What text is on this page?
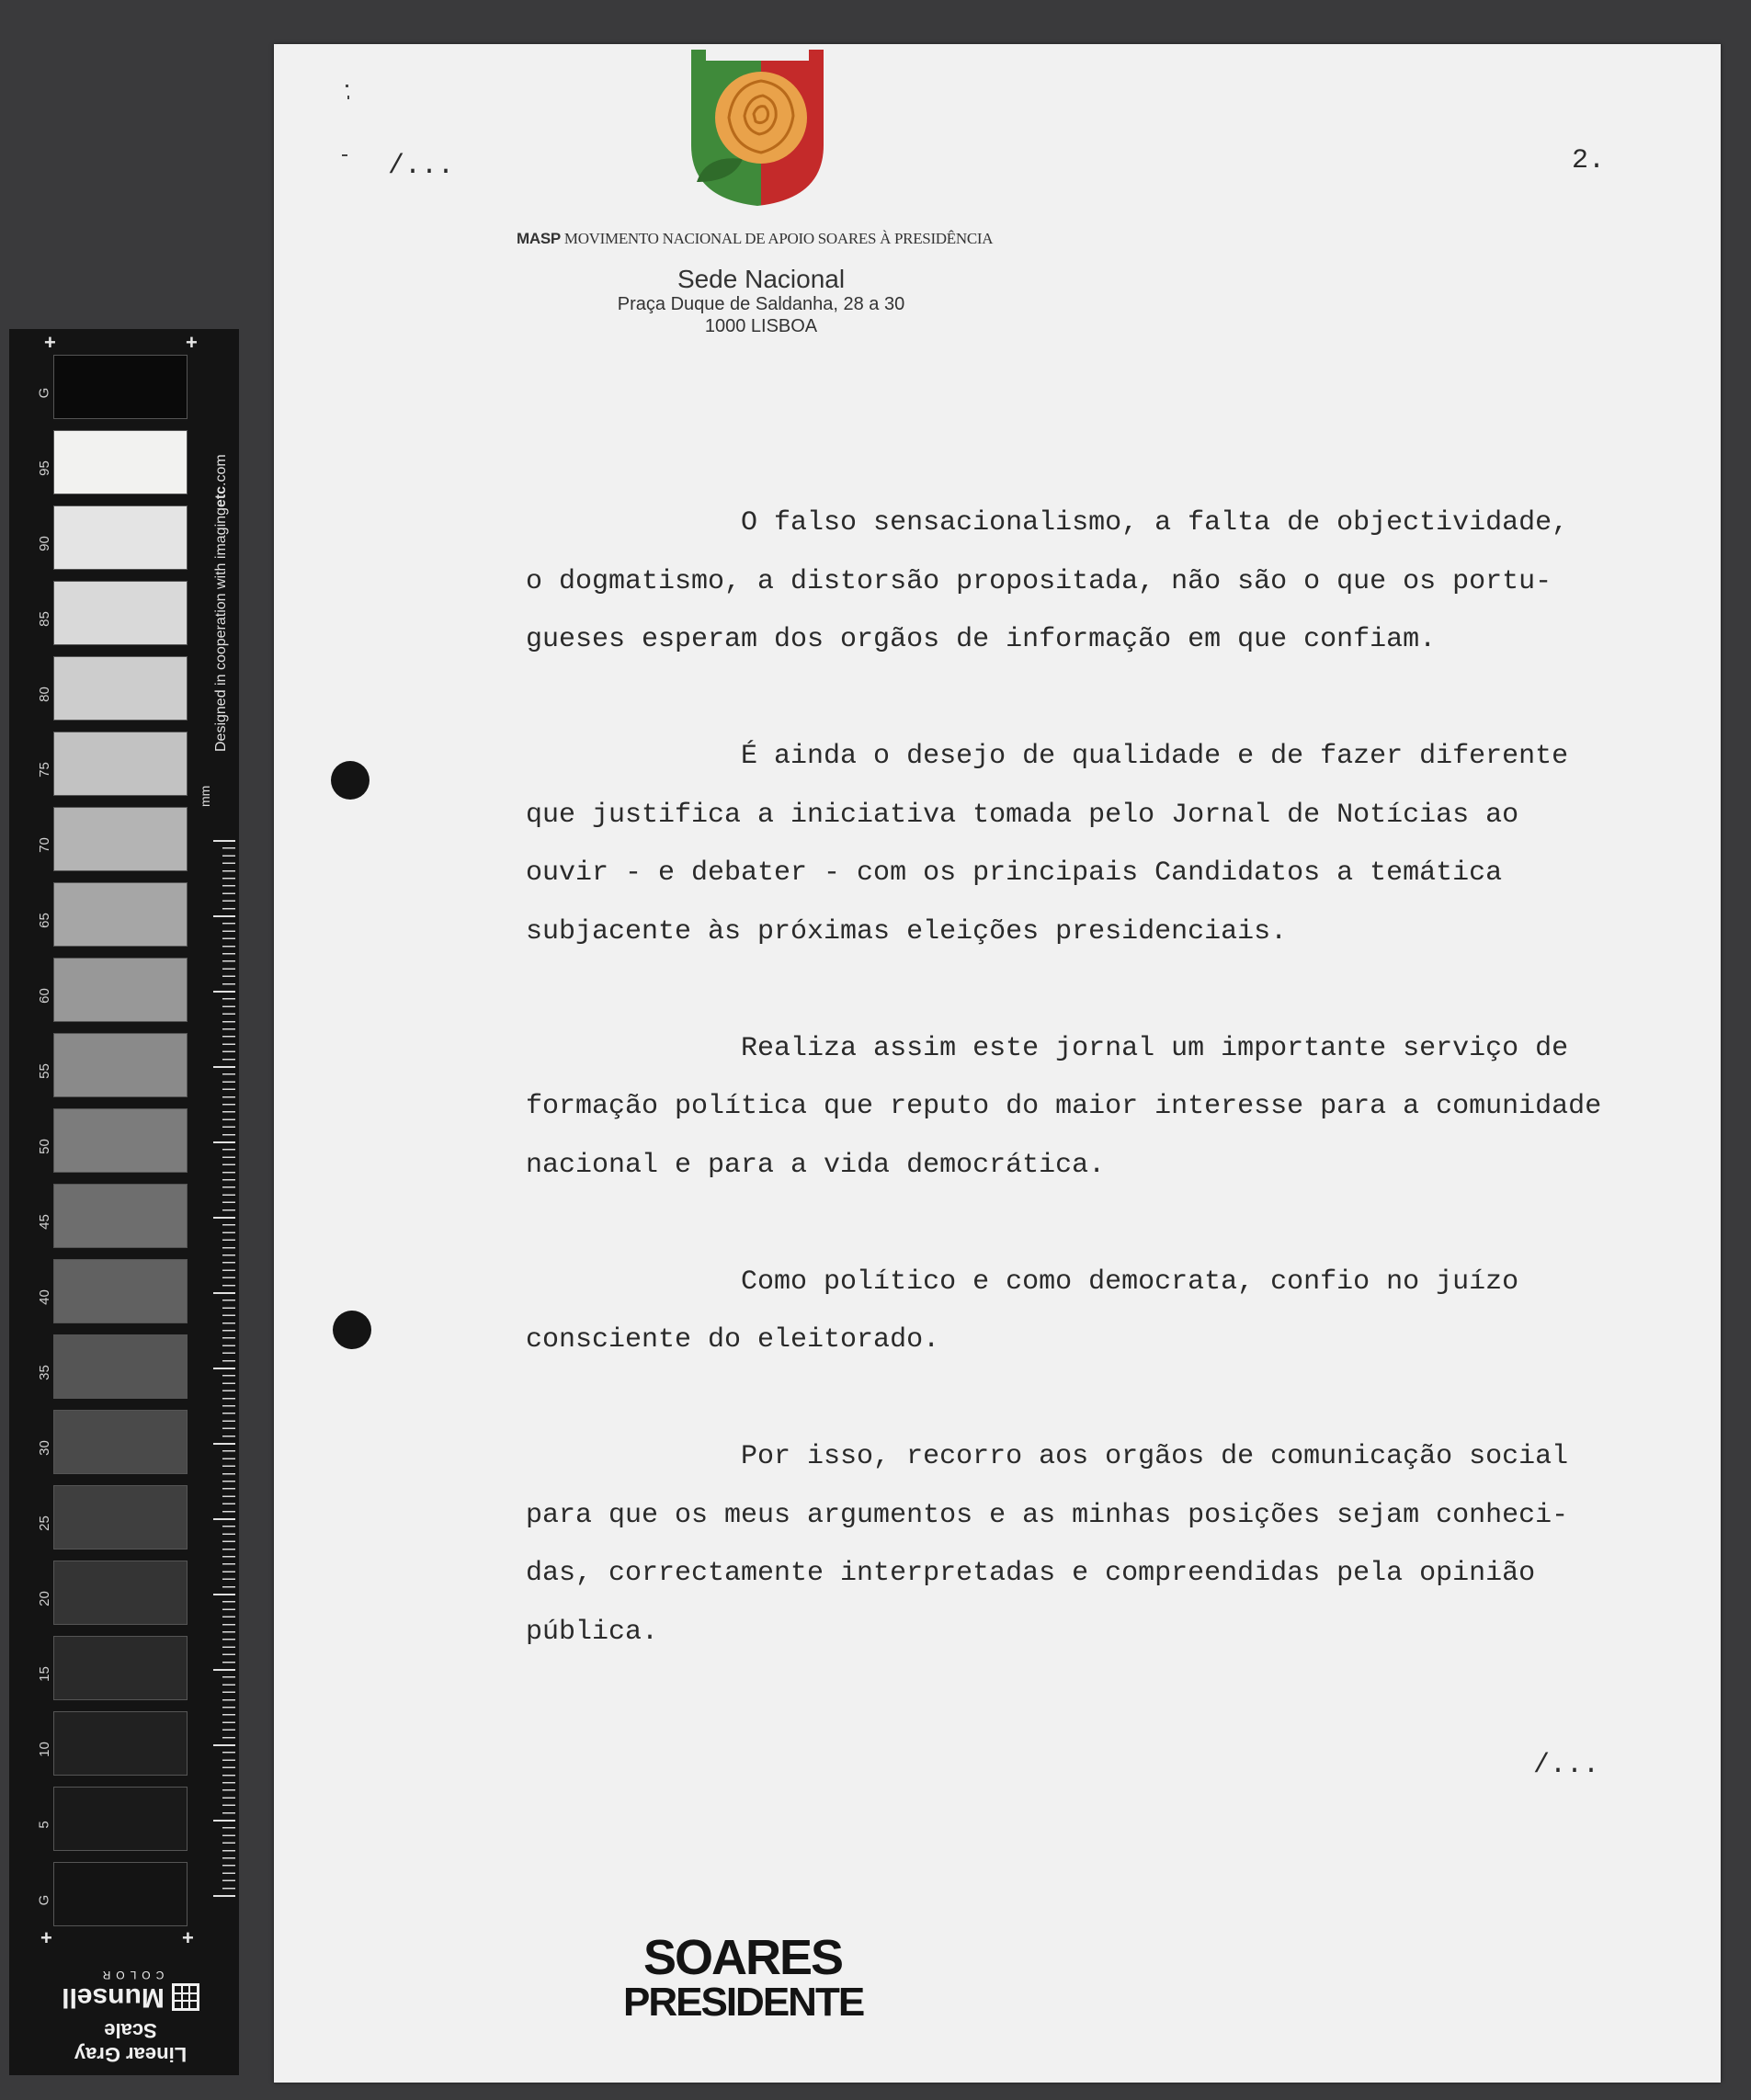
+	+
G
95
90
85
80
75
70
65
60
55
50
45
40
35
30
25
20
15
10
5
G
mm
Designed in cooperation with imagingetc.com
+	+
Linear Gray Scale
Munsell
COLOR
MASP MOVIMENTO NACIONAL DE APOIO SOARES À PRESIDÊNCIA
Sede Nacional
Praça Duque de Saldanha, 28 a 30
1000 LISBOA
/...	2.
O falso sensacionalismo, a falta de objectividade,
o dogmatismo, a distorsão propositada, não são o que os portu-
gueses esperam dos orgãos de informação em que confiam.
É ainda o desejo de qualidade e de fazer diferente
que justifica a iniciativa tomada pelo Jornal de Notícias ao
ouvir - e debater - com os principais Candidatos a temática
subjacente às próximas eleições presidenciais.
Realiza assim este jornal um importante serviço de
formação política que reputo do maior interesse para a comunidade
nacional e para a vida democrática.
Como político e como democrata, confio no juízo
consciente do eleitorado.
Por isso, recorro aos orgãos de comunicação social
para que os meus argumentos e as minhas posições sejam conheci-
das, correctamente interpretadas e compreendidas pela opinião
pública.
/...
SOARES
PRESIDENTE
